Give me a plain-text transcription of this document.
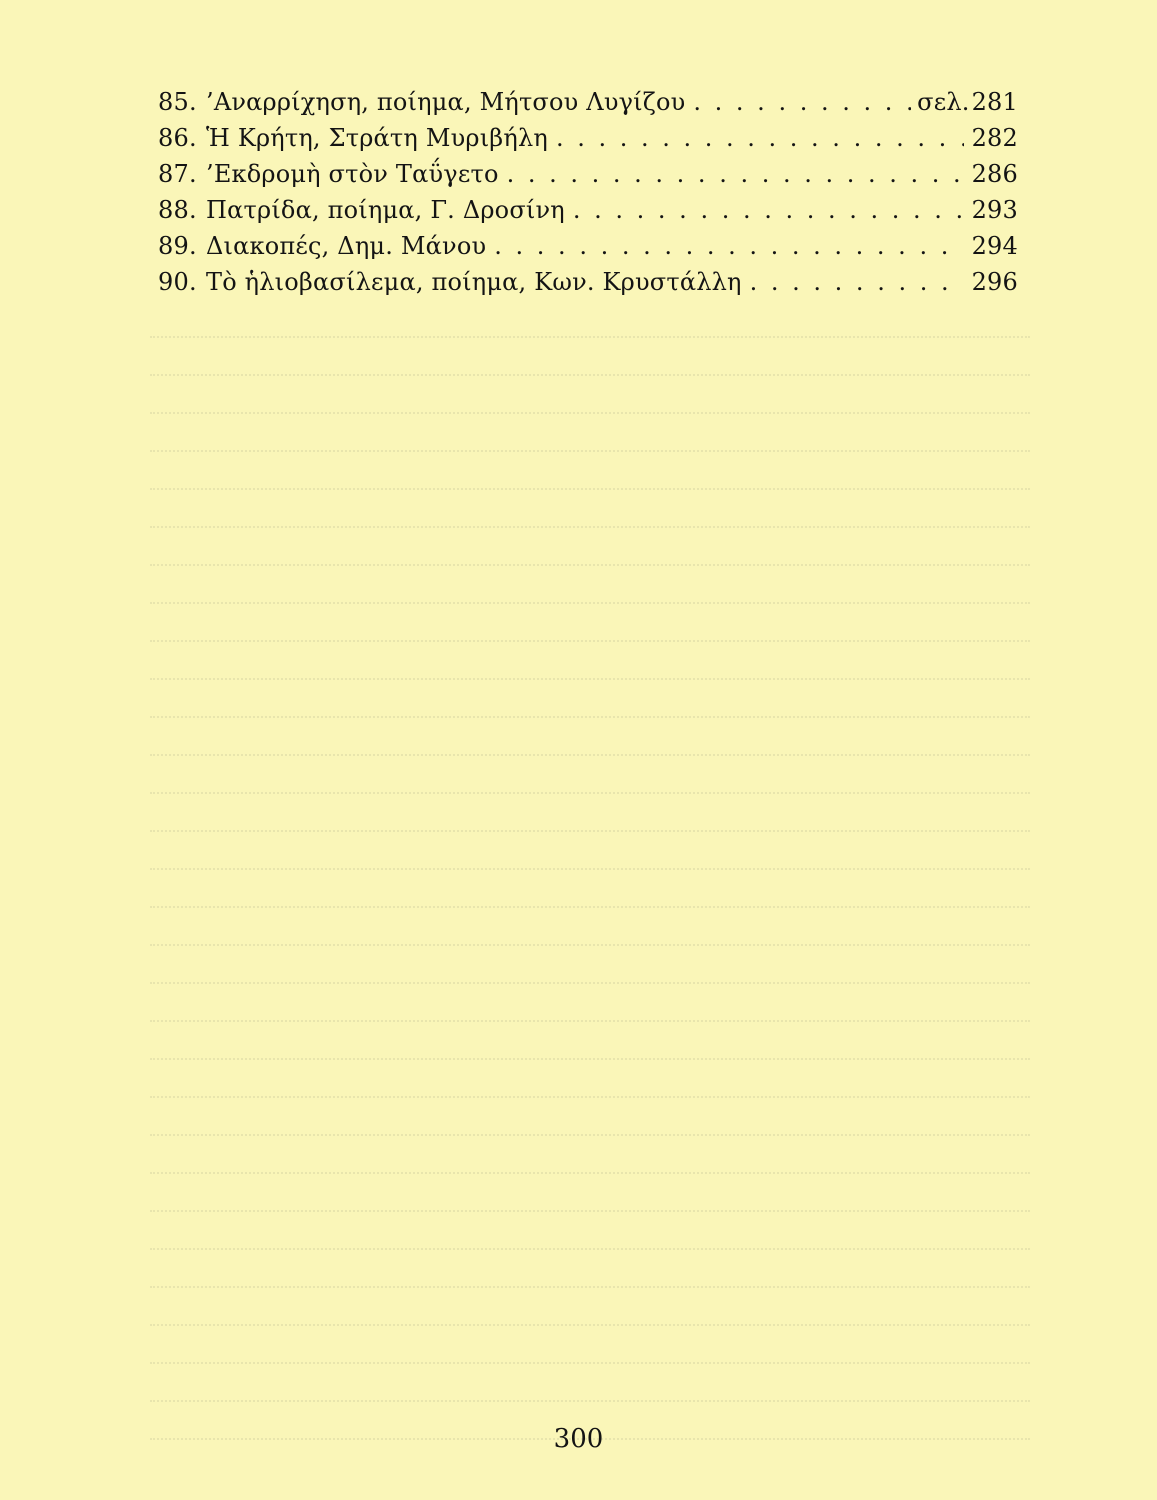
85. ’Αναρρίχηση, ποίημα, Μήτσου Λυγίζου . . .	σελ. 281
86. Ἡ Κρήτη, Στράτη Μυριβήλη . . .	282
87. ’Εκδρομὴ στὸν Ταΰγετο . . .	286
88. Πατρίδα, ποίημα, Γ. Δροσίνη . . .	293
89. Διακοπές, Δημ. Μάνου . . .	294
90. Τὸ ἡλιοβασίλεμα, ποίημα, Κων. Κρυστάλλη . . .	296
300
